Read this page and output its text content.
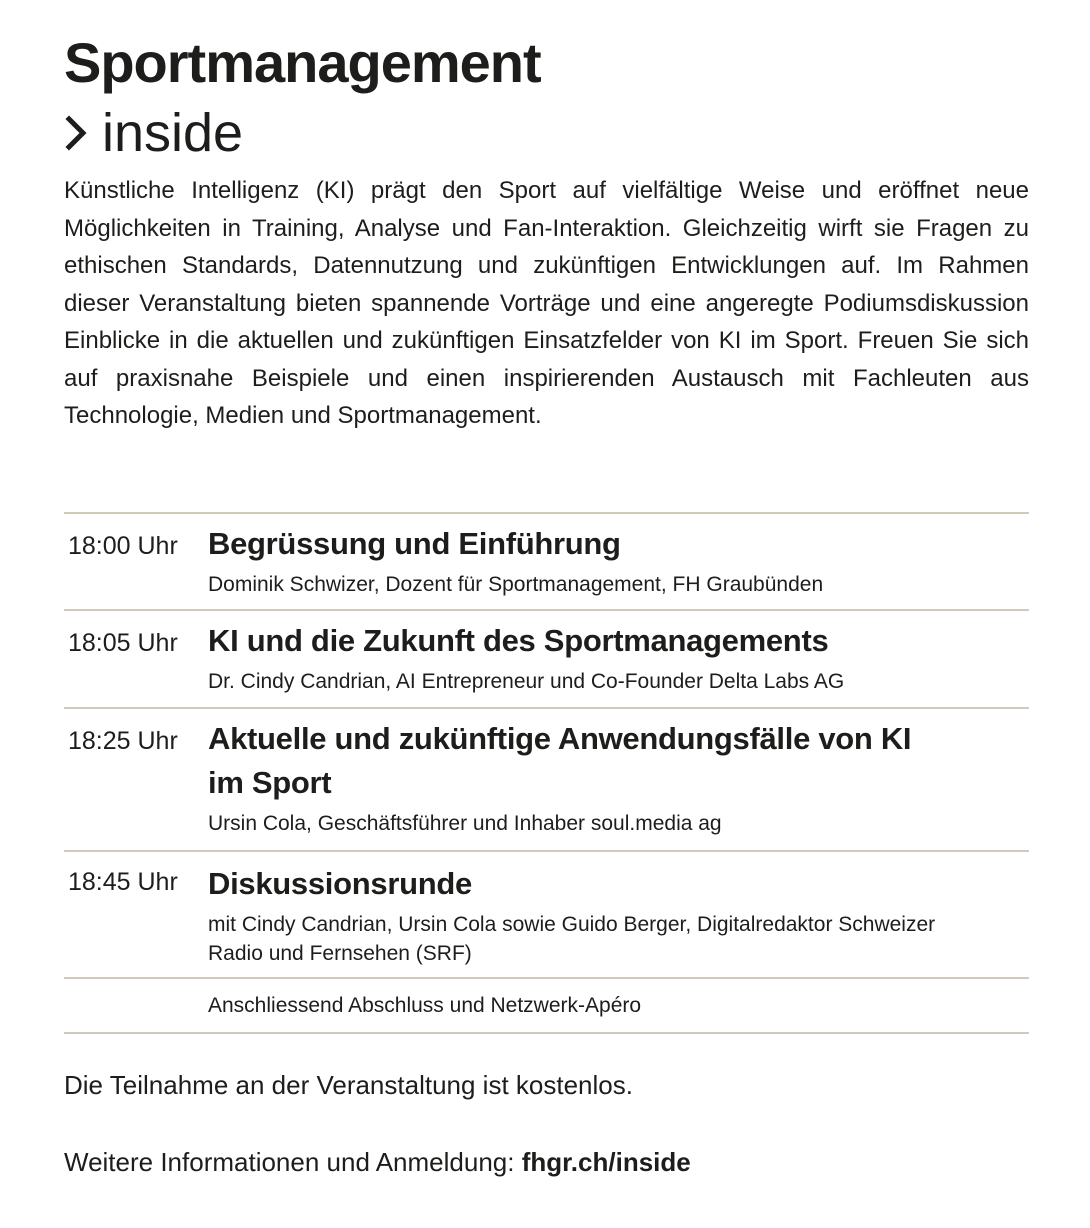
Sportmanagement
inside

Künstliche Intelligenz (KI) prägt den Sport auf vielfältige Weise und eröffnet neue Möglichkeiten in Training, Analyse und Fan-Interaktion. Gleichzeitig wirft sie Fragen zu ethischen Standards, Datennutzung und zukünftigen Entwicklungen auf. Im Rahmen dieser Veranstaltung bieten spannende Vorträge und eine angeregte Podiumsdiskussion Einblicke in die aktuellen und zukünftigen Einsatzfelder von KI im Sport. Freuen Sie sich auf praxisnahe Beispiele und einen inspirierenden Austausch mit Fachleuten aus Technologie, Medien und Sportmanagement.

18:00 Uhr Begrüssung und Einführung
Dominik Schwizer, Dozent für Sportmanagement, FH Graubünden
18:05 Uhr KI und die Zukunft des Sportmanagements
Dr. Cindy Candrian, AI Entrepreneur und Co-Founder Delta Labs AG
18:25 Uhr Aktuelle und zukünftige Anwendungsfälle von KI
im Sport
Ursin Cola, Geschäftsführer und Inhaber soul.media ag
18:45 Uhr Diskussionsrunde
mit Cindy Candrian, Ursin Cola sowie Guido Berger, Digitalredaktor Schweizer
Radio und Fernsehen (SRF)
Anschliessend Abschluss und Netzwerk-Apéro
Die Teilnahme an der Veranstaltung ist kostenlos.
Weitere Informationen und Anmeldung: fhgr.ch/inside
